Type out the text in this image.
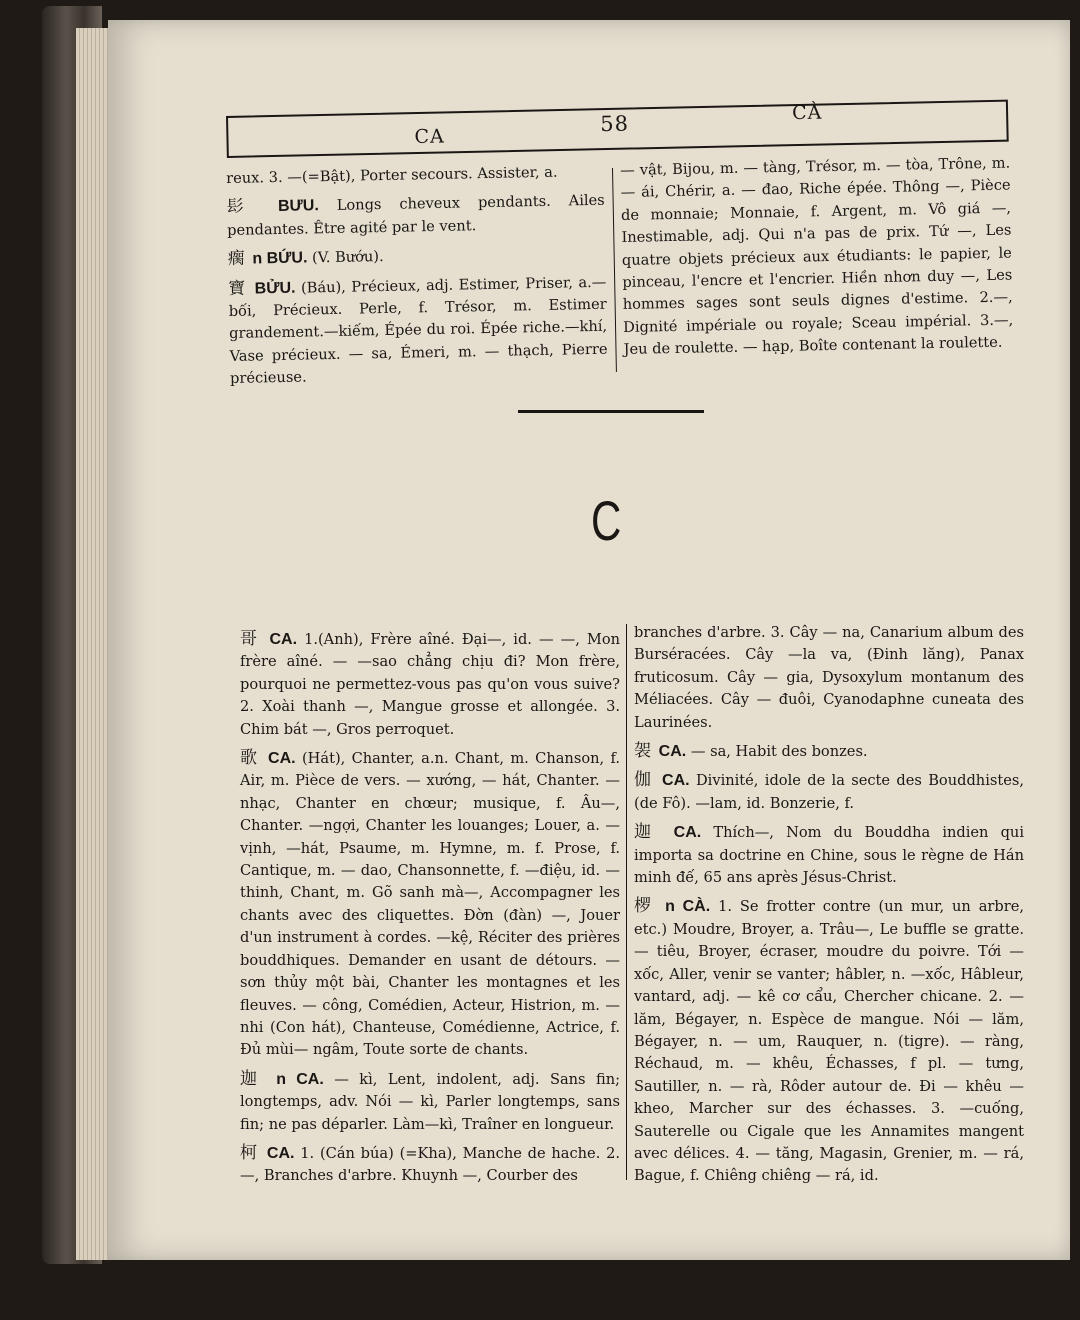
CA
58	CÀ

reux. 3. —(=Bật), Porter secours. Assister, a.

髟 BƯU. Longs cheveux pendants. Ailes pendantes. Être agité par le vent.

瘸 n BỨU. (V. Bướu).

寶 BỬU. (Báu), Précieux, adj. Estimer, Priser, a.— bối, Précieux. Perle, f. Trésor, m. Estimer grandement.—kiếm, Épée du roi. Épée riche.—khí, Vase précieux. — sa, Émeri, m. — thạch, Pierre précieuse.

— vật, Bijou, m. — tàng, Trésor, m. — tòa, Trône, m. — ái, Chérir, a. — đao, Riche épée. Thông —, Pièce de monnaie; Monnaie, f. Argent, m. Vô giá —, Inestimable, adj. Qui n'a pas de prix. Tứ —, Les quatre objets précieux aux étudiants: le papier, le pinceau, l'encre et l'encrier. Hiền nhơn duy —, Les hommes sages sont seuls dignes d'estime. 2.—, Dignité impériale ou royale; Sceau impérial. 3.—, Jeu de roulette. — hạp, Boîte contenant la roulette.

C

哥 CA. 1.(Anh), Frère aîné. Đại—, id. — —, Mon frère aîné. — —sao chẳng chịu đi? Mon frère, pourquoi ne permettez-vous pas qu'on vous suive? 2. Xoài thanh —, Mangue grosse et allongée. 3. Chim bát —, Gros perroquet.

歌 CA. (Hát), Chanter, a.n. Chant, m. Chanson, f. Air, m. Pièce de vers. — xướng, — hát, Chanter. —nhạc, Chanter en chœur; musique, f. Âu—, Chanter. —ngợi, Chanter les louanges; Louer, a. —vịnh, —hát, Psaume, m. Hymne, m. f. Prose, f. Cantique, m. — dao, Chansonnette, f. —điệu, id. —thinh, Chant, m. Gõ sanh mà—, Accompagner les chants avec des cliquettes. Đờn (đàn) —, Jouer d'un instrument à cordes. —kệ, Réciter des prières bouddhiques. Demander en usant de détours. —sơn thủy một bài, Chanter les montagnes et les fleuves. — công, Comédien, Acteur, Histrion, m. — nhi (Con hát), Chanteuse, Comédienne, Actrice, f. Đủ mùi— ngâm, Toute sorte de chants.

迦 n CA. — kì, Lent, indolent, adj. Sans fin; longtemps, adv. Nói — kì, Parler longtemps, sans fin; ne pas déparler. Làm—kì, Traîner en longueur.

柯 CA. 1. (Cán búa) (=Kha), Manche de hache. 2. —, Branches d'arbre. Khuynh —, Courber des

branches d'arbre. 3. Cây — na, Canarium album des Burséracées. Cây —la va, (Đinh lăng), Panax fruticosum. Cây — gia, Dysoxylum montanum des Méliacées. Cây — đuôi, Cyanodaphne cuneata des Laurinées.

袈 CA. — sa, Habit des bonzes.

伽 CA. Divinité, idole de la secte des Bouddhistes, (de Fô). —lam, id. Bonzerie, f.

迦 CA. Thích—, Nom du Bouddha indien qui importa sa doctrine en Chine, sous le règne de Hán minh đế, 65 ans après Jésus-Christ.

椤 n CÀ. 1. Se frotter contre (un mur, un arbre, etc.) Moudre, Broyer, a. Trâu—, Le buffle se gratte. — tiêu, Broyer, écraser, moudre du poivre. Tới — xốc, Aller, venir se vanter; hâbler, n. —xốc, Hâbleur, vantard, adj. — kê cơ cẩu, Chercher chicane. 2. — lăm, Bégayer, n. Espèce de mangue. Nói — lăm, Bégayer, n. — um, Rauquer, n. (tigre). — ràng, Réchaud, m. — khêu, Échasses, f pl. — tưng, Sautiller, n. — rà, Rôder autour de. Đi — khêu — kheo, Marcher sur des échasses. 3. —cuống, Sauterelle ou Cigale que les Annamites mangent avec délices. 4. — tăng, Magasin, Grenier, m. — rá, Bague, f. Chiêng chiêng — rá, id.
